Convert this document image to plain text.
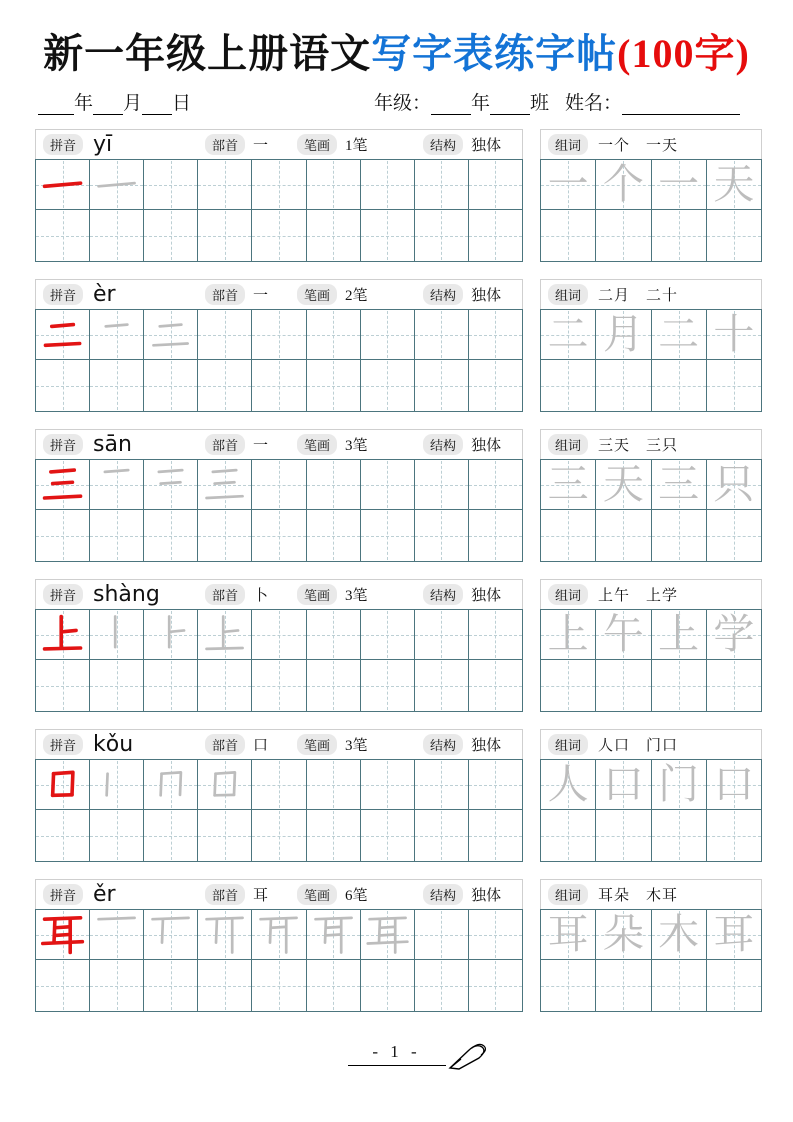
新一年级上册语文写字表练字帖(100字)
年 月 日	年级： 年 班 姓名：
拼音 yī	部首	一	笔画	1笔	结构	独体	组词	一个　一天
一 个 一 天
拼音 èr	部首	一	笔画	2笔	结构	独体	组词	二月　二十
二 月 二 十
拼音 sān	部首	一	笔画	3笔	结构	独体	组词	三天　三只
三 天 三 只
拼音 shàng	部首	卜	笔画	3笔	结构	独体	组词	上午　上学
上 午 上 学
拼音 kǒu	部首	口	笔画	3笔	结构	独体	组词	人口　门口
人 口 门 口
拼音 ěr	部首	耳	笔画	6笔	结构	独体	组词	耳朵　木耳
耳 朵 木 耳
- 1 -
